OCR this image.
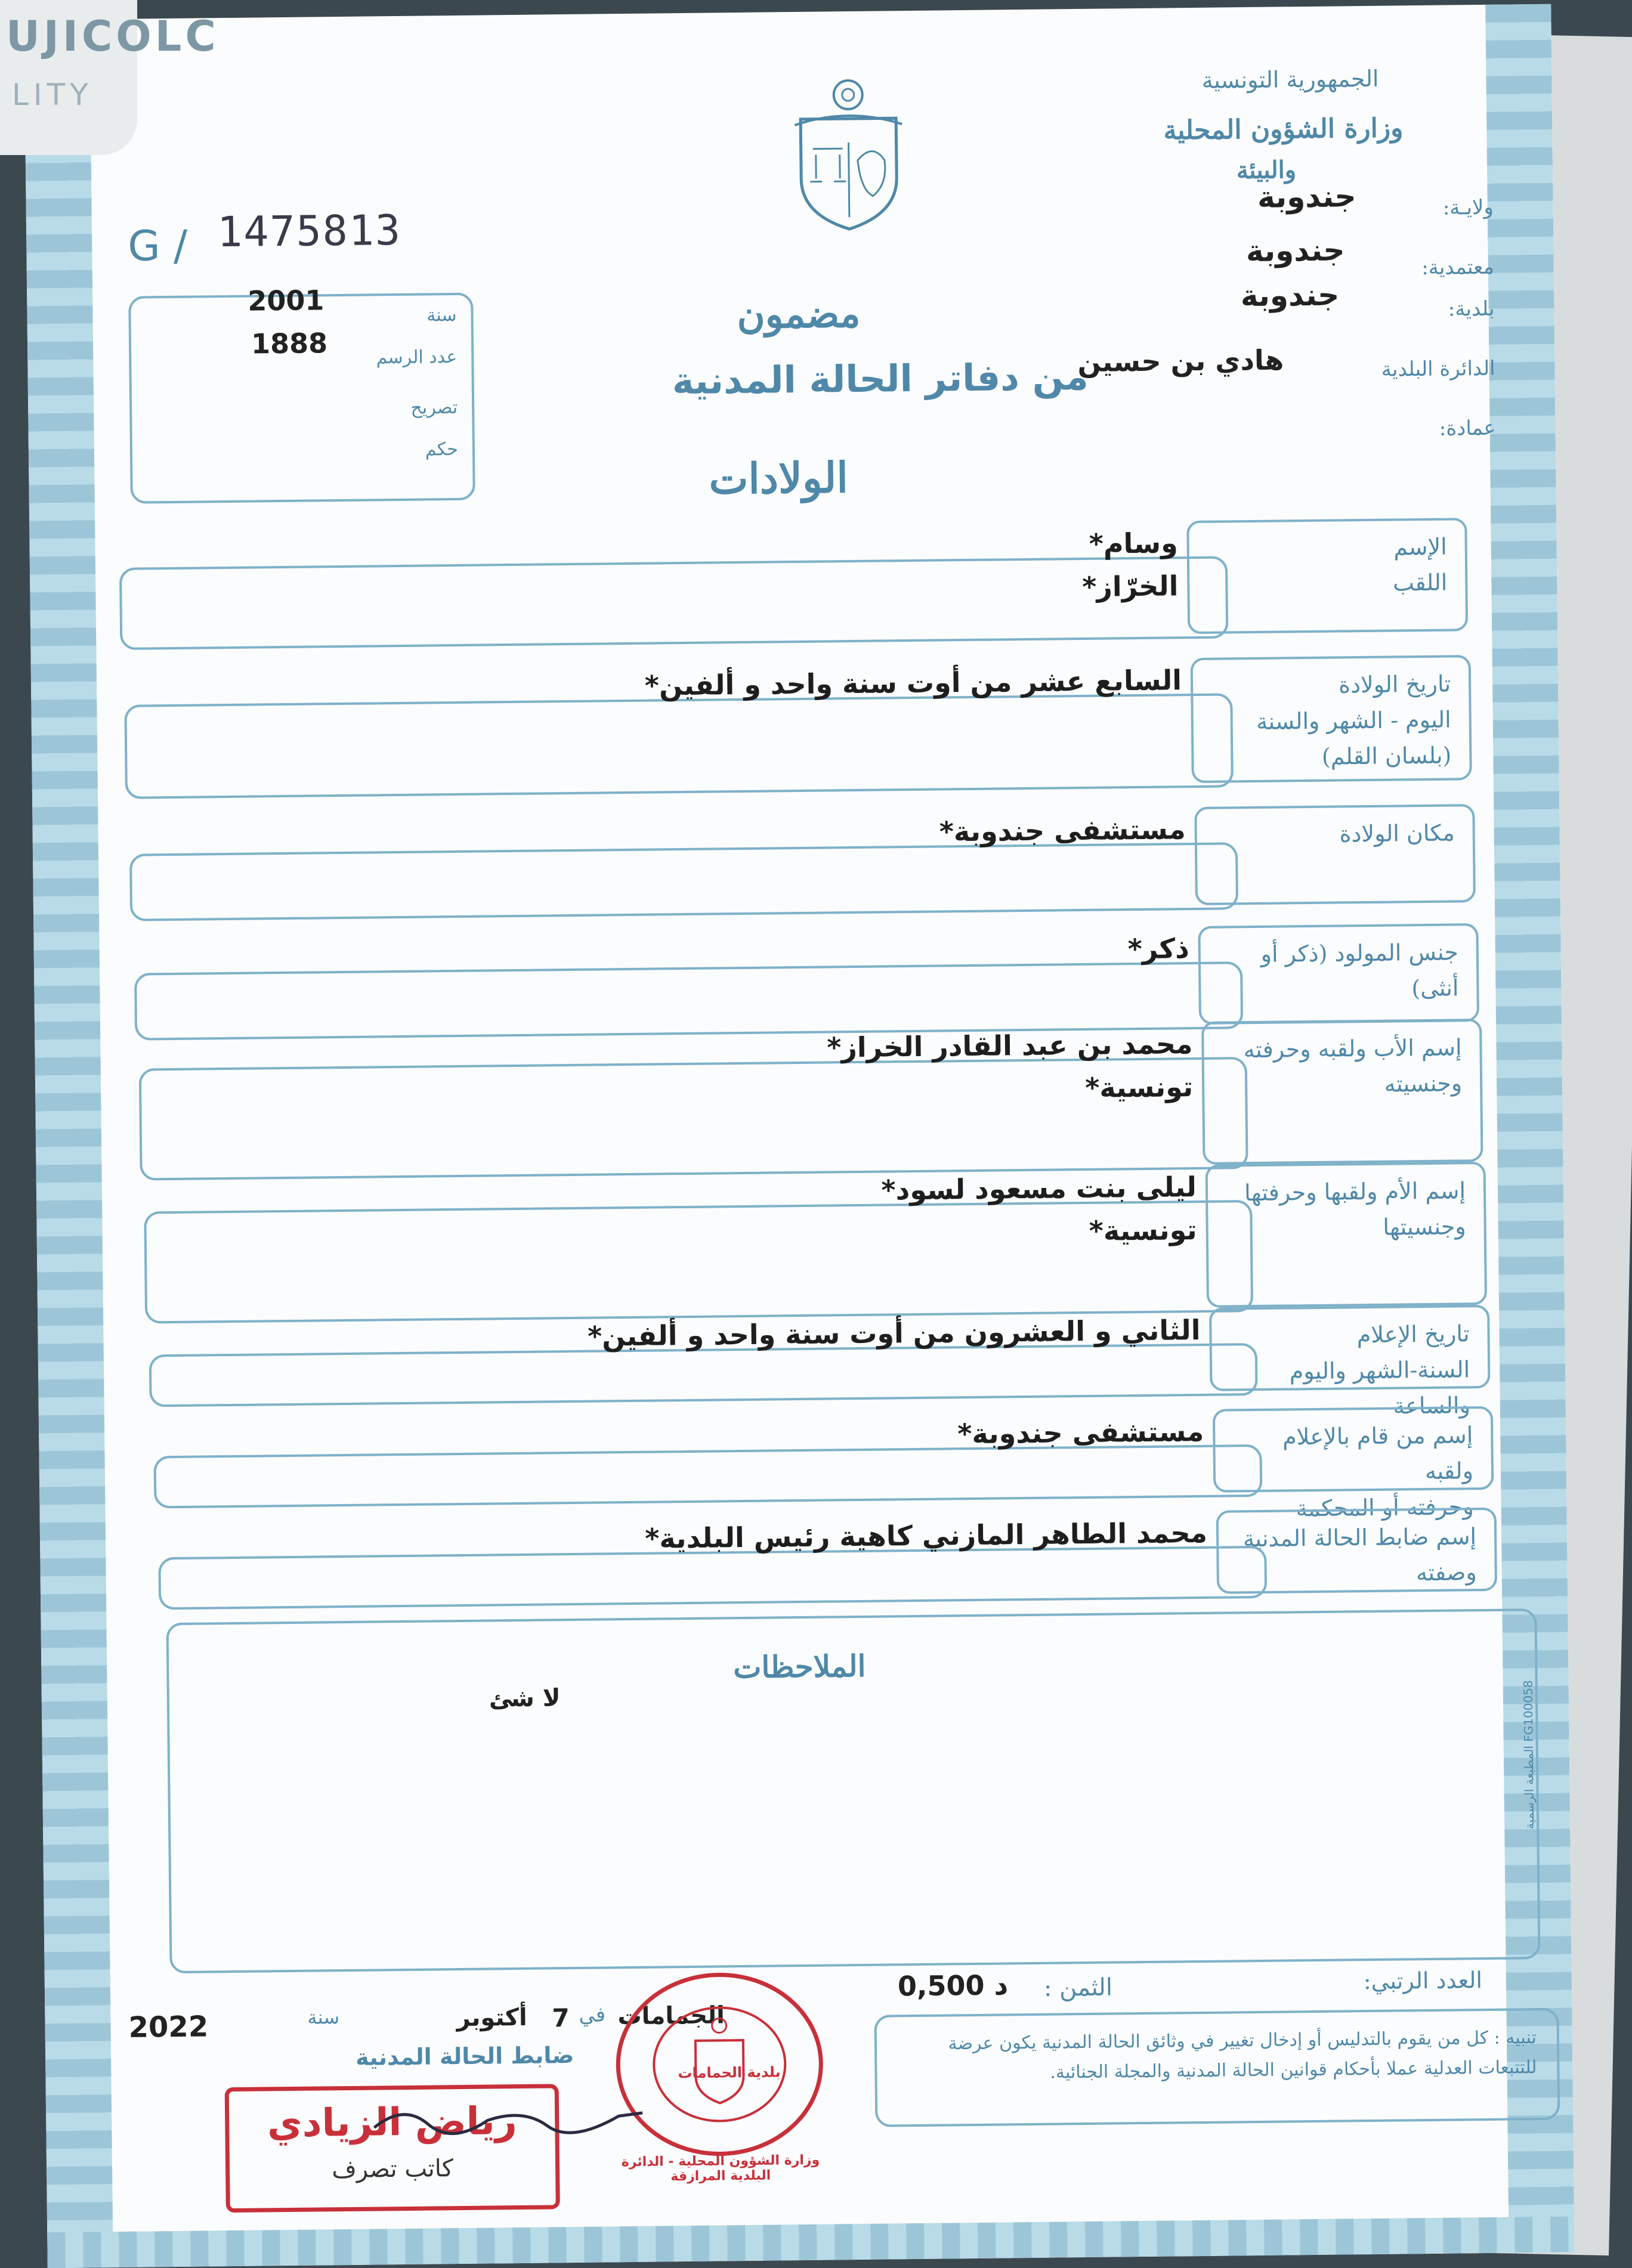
الجمهورية التونسية
وزارة الشؤون المحلية
والبيئة
ولايـة:
جندوبة
معتمدية:
جندوبة
بلدية:
جندوبة
الدائرة البلدية
عمادة:
G / 1475813
سنة
2001
عدد الرسم
1888
تصريح
حكم
مضمون
من دفاتر الحالة المدنية
هادي بن حسين
الولادات
الإسم
اللقب
وسام*
الخرّاز*
تاريخ الولادة
اليوم - الشهر والسنة
(بلسان القلم)
السابع عشر من أوت سنة واحد و ألفين*
مكان الولادة
مستشفى جندوبة*
جنس المولود (ذكر أو أنثى)
ذكر*
إسم الأب ولقبه وحرفته
وجنسيته
محمد بن عبد القادر الخراز*
تونسية*
إسم الأم ولقبها وحرفتها
وجنسيتها
ليلى بنت مسعود لسود*
تونسية*
تاريخ الإعلام
السنة-الشهر واليوم والساعة
الثاني و العشرون من أوت سنة واحد و ألفين*
إسم من قام بالإعلام ولقبه
وحرفته أو المحكمة
مستشفى جندوبة*
إسم ضابط الحالة المدنية
وصفته
محمد الطاهر المازني كاهية رئيس البلدية*
الملاحظات
لا شئ
المطبعة الرسمية FG100058
العدد الرتبي:
الثمن :
0,500 د
الجمامات
في
7
أكتوبر
سنة
2022
ضابط الحالة المدنية
تنبيه : كل من يقوم بالتدليس أو إدخال تغيير في وثائق الحالة المدنية يكون عرضة للتتبعات العدلية عملا بأحكام قوانين الحالة المدنية والمجلة الجنائية.
بلدية الحمامات
وزارة الشؤون المحلية - الدائرة البلدية المرازقة
رياض الزيادي
كاتب تصرف
UJICOLC
LITY
